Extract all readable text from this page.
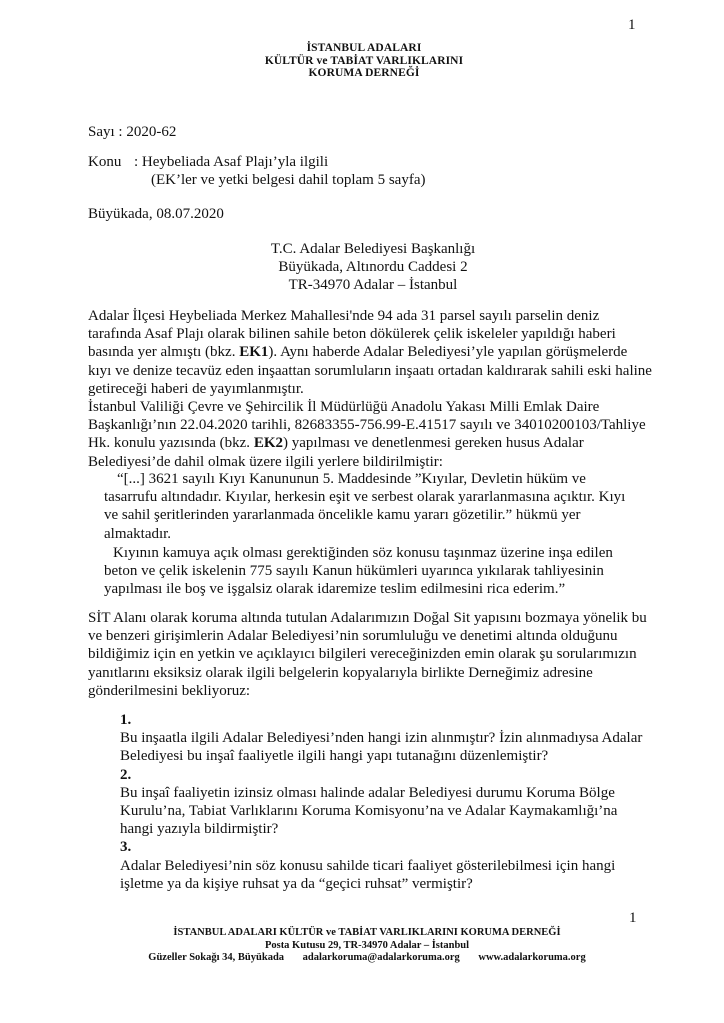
İSTANBUL ADALARI
KÜLTÜR ve TABİAT VARLIKLARINI
KORUMA DERNEĞİ
1
Sayı : 2020-62
Konu : Heybeliada Asaf Plajı’yla ilgili
(EK’ler ve yetki belgesi dahil toplam 5 sayfa)
Büyükada, 08.07.2020
T.C. Adalar Belediyesi Başkanlığı
Büyükada, Altınordu Caddesi 2
TR-34970 Adalar – İstanbul
Adalar İlçesi Heybeliada Merkez Mahallesi'nde 94 ada 31 parsel sayılı parselin deniz
tarafında Asaf Plajı olarak bilinen sahile beton dökülerek çelik iskeleler yapıldığı haberi
basında yer almıştı (bkz. EK1). Aynı haberde Adalar Belediyesi’yle yapılan görüşmelerde
kıyı ve denize tecavüz eden inşaattan sorumluların inşaatı ortadan kaldırarak sahili eski haline
getireceği haberi de yayımlanmıştır.
İstanbul Valiliği Çevre ve Şehircilik İl Müdürlüğü Anadolu Yakası Milli Emlak Daire
Başkanlığı’nın 22.04.2020 tarihli, 82683355-756.99-E.41517 sayılı ve 34010200103/Tahliye
Hk. konulu yazısında (bkz. EK2) yapılması ve denetlenmesi gereken husus Adalar
Belediyesi’de dahil olmak üzere ilgili yerlere bildirilmiştir:
“[...] 3621 sayılı Kıyı Kanununun 5. Maddesinde ”Kıyılar, Devletin hüküm ve
tasarrufu altındadır. Kıyılar, herkesin eşit ve serbest olarak yararlanmasına açıktır. Kıyı
ve sahil şeritlerinden yararlanmada öncelikle kamu yararı gözetilir.” hükmü yer
almaktadır.
Kıyının kamuya açık olması gerektiğinden söz konusu taşınmaz üzerine inşa edilen
beton ve çelik iskelenin 775 sayılı Kanun hükümleri uyarınca yıkılarak tahliyesinin
yapılması ile boş ve işgalsiz olarak idaremize teslim edilmesini rica ederim.”
SİT Alanı olarak koruma altında tutulan Adalarımızın Doğal Sit yapısını bozmaya yönelik bu
ve benzeri girişimlerin Adalar Belediyesi’nin sorumluluğu ve denetimi altında olduğunu
bildiğimiz için en yetkin ve açıklayıcı bilgileri vereceğinizden emin olarak şu sorularımızın
yanıtlarını eksiksiz olarak ilgili belgelerin kopyalarıyla birlikte Derneğimiz adresine
gönderilmesini bekliyoruz:
1.
Bu inşaatla ilgili Adalar Belediyesi’nden hangi izin alınmıştır? İzin alınmadıysa Adalar
Belediyesi bu inşaî faaliyetle ilgili hangi yapı tutanağını düzenlemiştir?
2.
Bu inşaî faaliyetin izinsiz olması halinde adalar Belediyesi durumu Koruma Bölge
Kurulu’na, Tabiat Varlıklarını Koruma Komisyonu’na ve Adalar Kaymakamlığı’na
hangi yazıyla bildirmiştir?
3.
Adalar Belediyesi’nin söz konusu sahilde ticari faaliyet gösterilebilmesi için hangi
işletme ya da kişiye ruhsat ya da “geçici ruhsat” vermiştir?
1
İSTANBUL ADALARI KÜLTÜR ve TABİAT VARLIKLARINI KORUMA DERNEĞİ
Posta Kutusu 29, TR-34970 Adalar – İstanbul
Güzeller Sokağı 34, Büyükada adalarkoruma@adalarkoruma.org www.adalarkoruma.org
